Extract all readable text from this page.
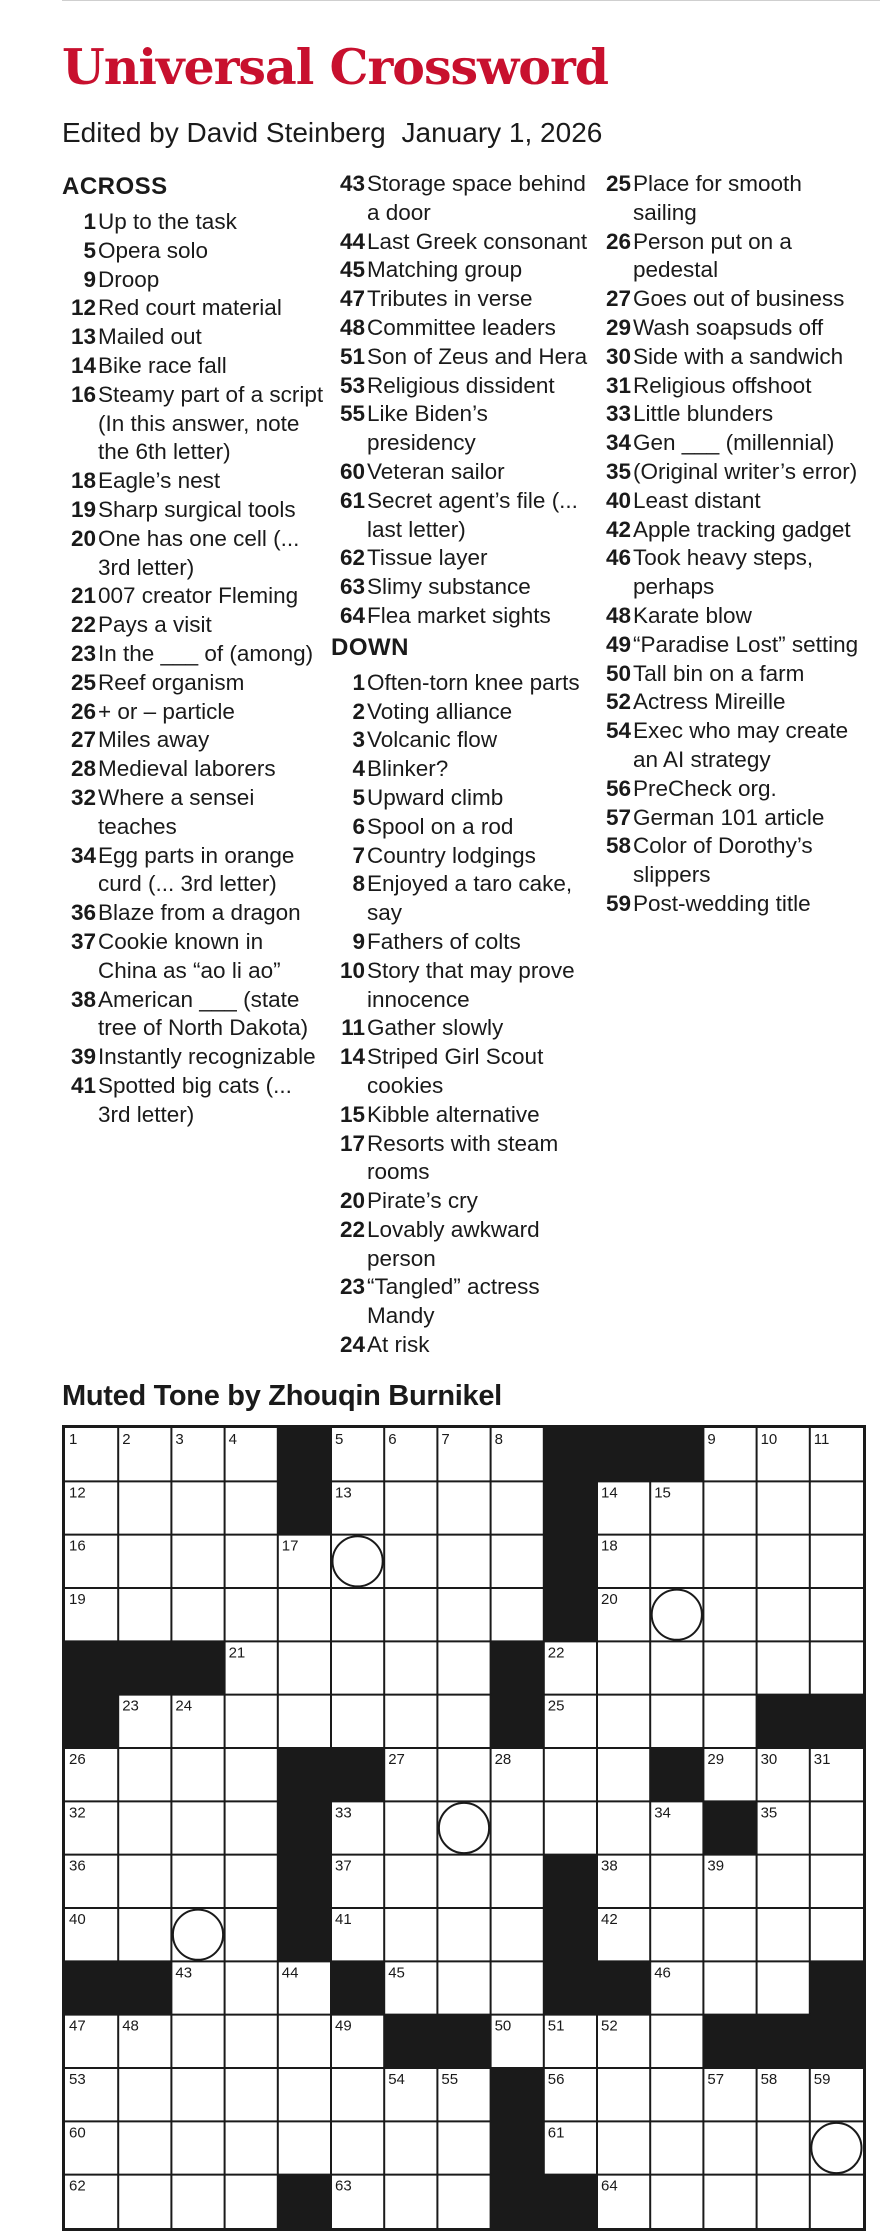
Universal Crossword
Edited by David Steinberg January 1, 2026
ACROSS
1 Up to the task
5 Opera solo
9 Droop
12 Red court material
13 Mailed out
14 Bike race fall
16 Steamy part of a script (In this answer, note the 6th letter)
18 Eagle’s nest
19 Sharp surgical tools
20 One has one cell (... 3rd letter)
21 007 creator Fleming
22 Pays a visit
23 In the ___ of (among)
25 Reef organism
26 + or – particle
27 Miles away
28 Medieval laborers
32 Where a sensei teaches
34 Egg parts in orange curd (... 3rd letter)
36 Blaze from a dragon
37 Cookie known in China as “ao li ao”
38 American ___ (state tree of North Dakota)
39 Instantly recognizable
41 Spotted big cats (... 3rd letter)
43 Storage space behind a door
44 Last Greek consonant
45 Matching group
47 Tributes in verse
48 Committee leaders
51 Son of Zeus and Hera
53 Religious dissident
55 Like Biden’s presidency
60 Veteran sailor
61 Secret agent’s file (... last letter)
62 Tissue layer
63 Slimy substance
64 Flea market sights
DOWN
1 Often-torn knee parts
2 Voting alliance
3 Volcanic flow
4 Blinker?
5 Upward climb
6 Spool on a rod
7 Country lodgings
8 Enjoyed a taro cake, say
9 Fathers of colts
10 Story that may prove innocence
11 Gather slowly
14 Striped Girl Scout cookies
15 Kibble alternative
17 Resorts with steam rooms
20 Pirate’s cry
22 Lovably awkward person
23 “Tangled” actress Mandy
24 At risk
25 Place for smooth sailing
26 Person put on a pedestal
27 Goes out of business
29 Wash soapsuds off
30 Side with a sandwich
31 Religious offshoot
33 Little blunders
34 Gen ___ (millennial)
35 (Original writer’s error)
40 Least distant
42 Apple tracking gadget
46 Took heavy steps, perhaps
48 Karate blow
49 “Paradise Lost” setting
50 Tall bin on a farm
52 Actress Mireille
54 Exec who may create an AI strategy
56 PreCheck org.
57 German 101 article
58 Color of Dorothy’s slippers
59 Post-wedding title
Muted Tone by Zhouqin Burnikel
1	2	3	4	5	6	7	8	9	10 11
12	13	14 15
16	17	18
19	20
21	22
23 24	25
26	27	28	29 30 31
32	33	34	35
36	37	38	39
40	41	42
43	44	45	46
47 48	49	50 51 52
53	54 55	56	57 58 59
60	61
62	63	64
